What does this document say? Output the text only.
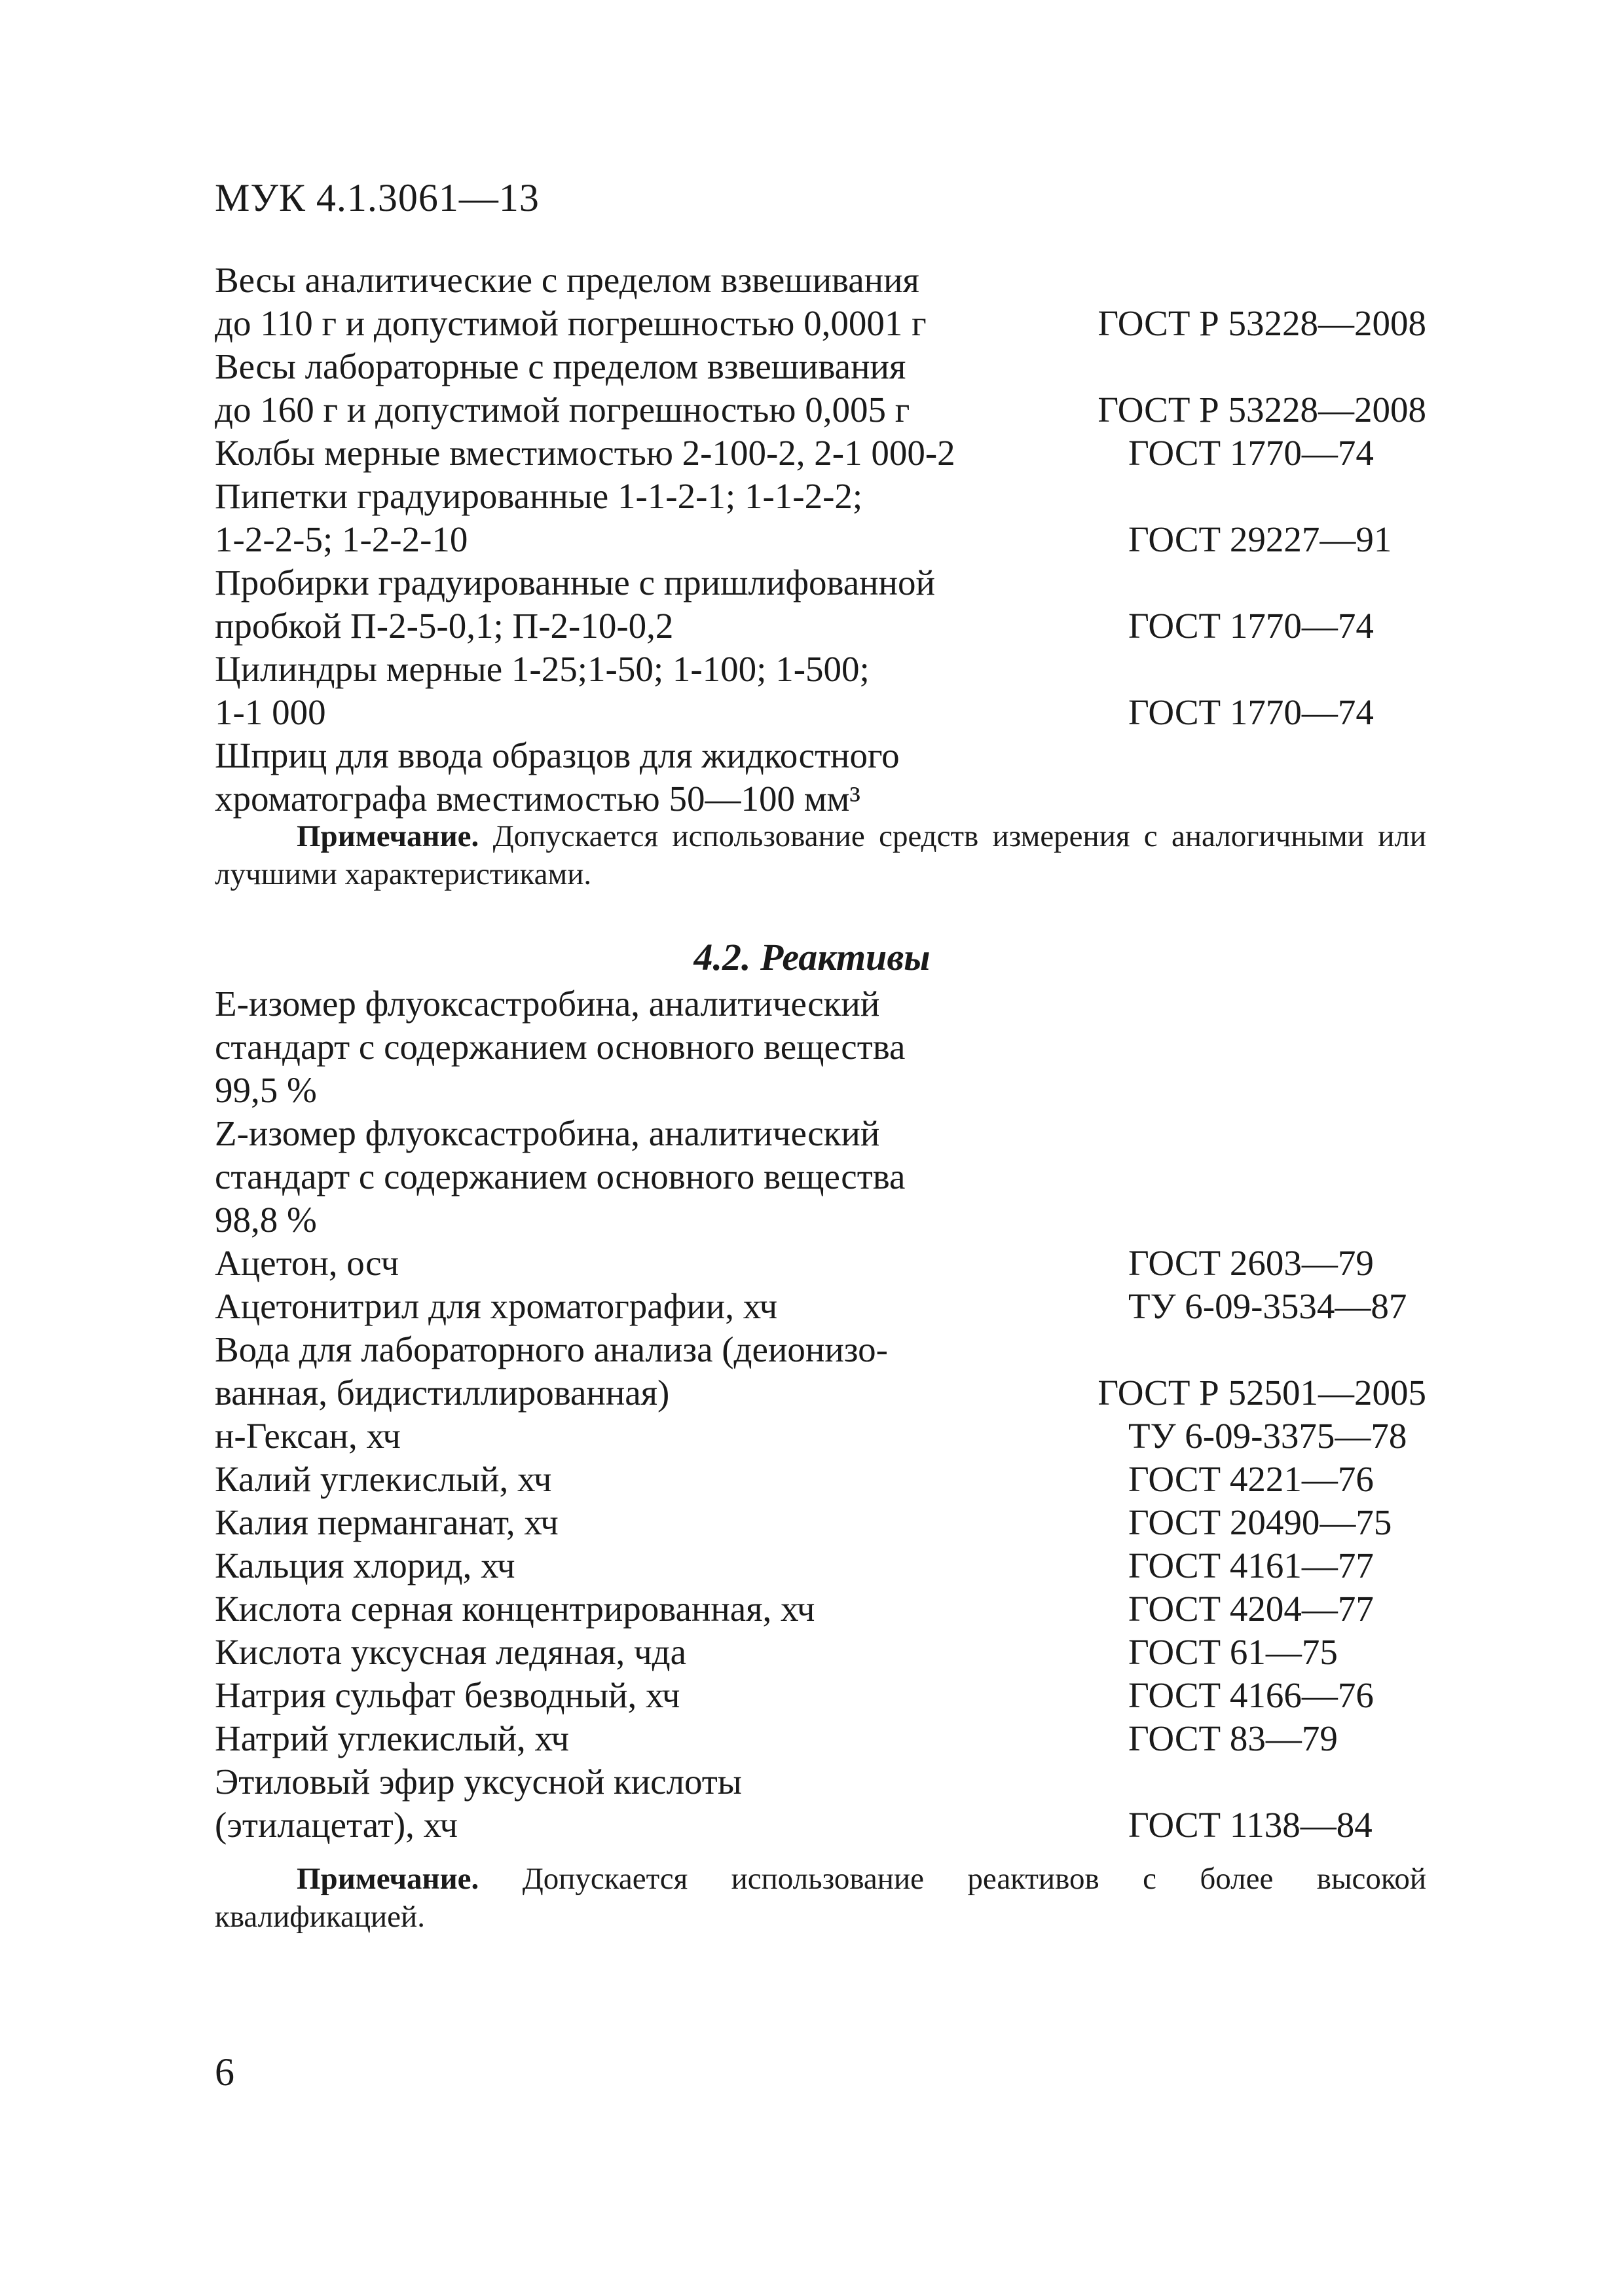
МУК 4.1.3061—13
Весы аналитические с пределом взвешивания
до 110 г и допустимой погрешностью 0,0001 г	ГОСТ Р 53228—2008
Весы лабораторные с пределом взвешивания
до 160 г и допустимой погрешностью 0,005 г	ГОСТ Р 53228—2008
Колбы мерные вместимостью 2-100-2, 2-1 000-2	ГОСТ 1770—74
Пипетки градуированные 1-1-2-1; 1-1-2-2;
1-2-2-5; 1-2-2-10	ГОСТ 29227—91
Пробирки градуированные с пришлифованной
пробкой П-2-5-0,1; П-2-10-0,2	ГОСТ 1770—74
Цилиндры мерные 1-25;1-50; 1-100; 1-500;
1-1 000	ГОСТ 1770—74
Шприц для ввода образцов для жидкостного
хроматографа вместимостью 50—100 мм³
Примечание. Допускается использование средств измерения с аналогичными или лучшими характеристиками.
4.2. Реактивы
Е-изомер флуоксастробина, аналитический
стандарт с содержанием основного вещества
99,5 %
Z-изомер флуоксастробина, аналитический
стандарт с содержанием основного вещества
98,8 %
Ацетон, осч	ГОСТ 2603—79
Ацетонитрил для хроматографии, хч	ТУ 6-09-3534—87
Вода для лабораторного анализа (деионизо-
ванная, бидистиллированная)	ГОСТ Р 52501—2005
н-Гексан, хч	ТУ 6-09-3375—78
Калий углекислый, хч	ГОСТ 4221—76
Калия перманганат, хч	ГОСТ 20490—75
Кальция хлорид, хч	ГОСТ 4161—77
Кислота серная концентрированная, хч	ГОСТ 4204—77
Кислота уксусная ледяная, чда	ГОСТ 61—75
Натрия сульфат безводный, хч	ГОСТ 4166—76
Натрий углекислый, хч	ГОСТ 83—79
Этиловый эфир уксусной кислоты
(этилацетат), хч	ГОСТ 1138—84
Примечание. Допускается использование реактивов с более высокой квалификацией.
6
